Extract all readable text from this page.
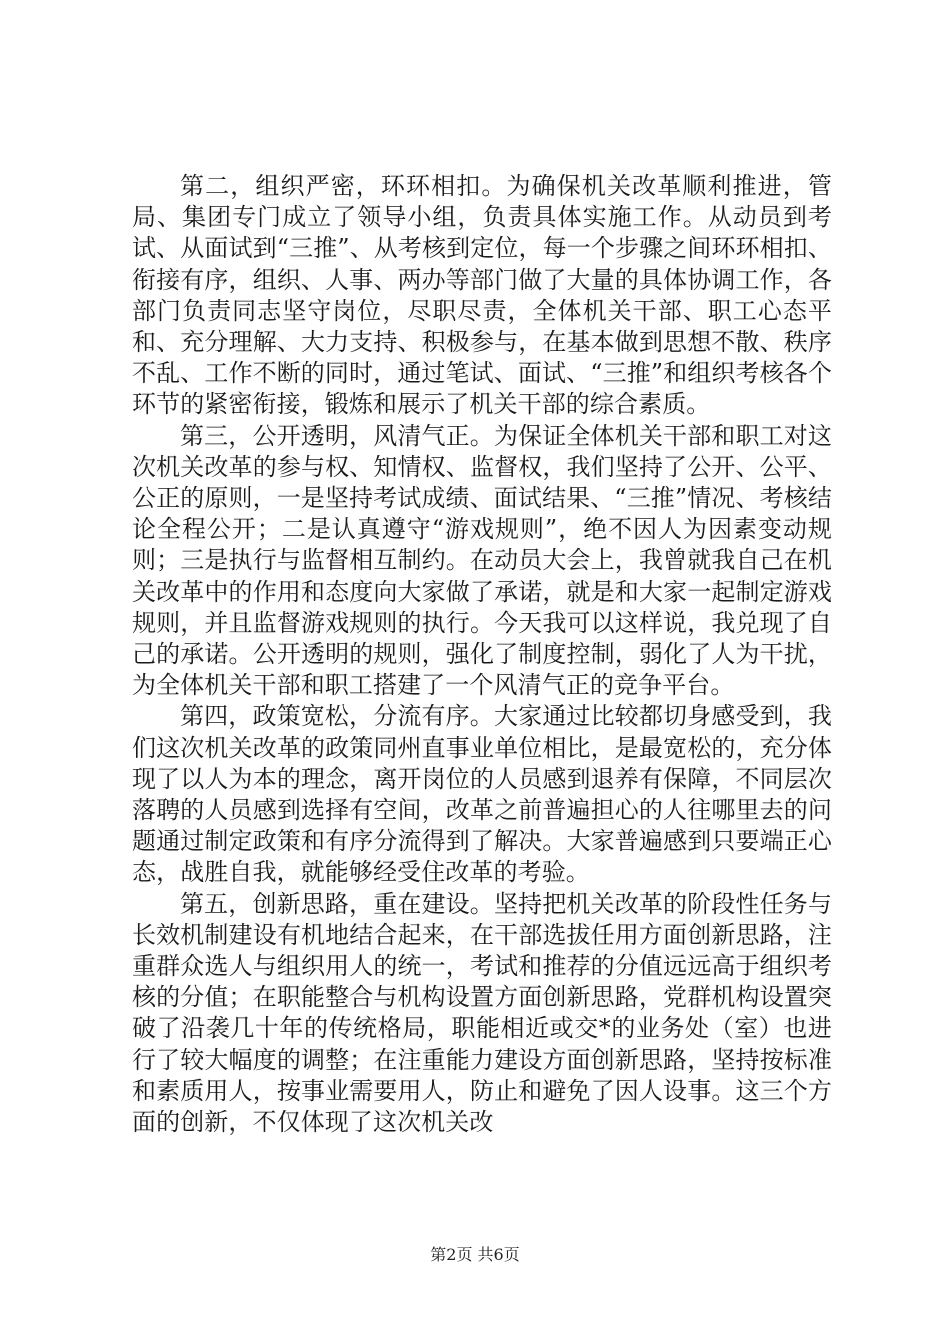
第二，组织严密，环环相扣。为确保机关改革顺利推进，管局、集团专门成立了领导小组，负责具体实施工作。从动员到考试、从面试到“三推”、从考核到定位，每一个步骤之间环环相扣、衔接有序，组织、人事、两办等部门做了大量的具体协调工作，各部门负责同志坚守岗位，尽职尽责，全体机关干部、职工心态平和、充分理解、大力支持、积极参与，在基本做到思想不散、秩序不乱、工作不断的同时，通过笔试、面试、“三推”和组织考核各个环节的紧密衔接，锻炼和展示了机关干部的综合素质。

第三，公开透明，风清气正。为保证全体机关干部和职工对这次机关改革的参与权、知情权、监督权，我们坚持了公开、公平、公正的原则，一是坚持考试成绩、面试结果、“三推”情况、考核结论全程公开；二是认真遵守“游戏规则”，绝不因人为因素变动规则；三是执行与监督相互制约。在动员大会上，我曾就我自己在机关改革中的作用和态度向大家做了承诺，就是和大家一起制定游戏规则，并且监督游戏规则的执行。今天我可以这样说，我兑现了自己的承诺。公开透明的规则，强化了制度控制，弱化了人为干扰，为全体机关干部和职工搭建了一个风清气正的竞争平台。

第四，政策宽松，分流有序。大家通过比较都切身感受到，我们这次机关改革的政策同州直事业单位相比，是最宽松的，充分体现了以人为本的理念，离开岗位的人员感到退养有保障，不同层次落聘的人员感到选择有空间，改革之前普遍担心的人往哪里去的问题通过制定政策和有序分流得到了解决。大家普遍感到只要端正心态，战胜自我，就能够经受住改革的考验。

第五，创新思路，重在建设。坚持把机关改革的阶段性任务与长效机制建设有机地结合起来，在干部选拔任用方面创新思路，注重群众选人与组织用人的统一，考试和推荐的分值远远高于组织考核的分值；在职能整合与机构设置方面创新思路，党群机构设置突破了沿袭几十年的传统格局，职能相近或交*的业务处（室）也进行了较大幅度的调整；在注重能力建设方面创新思路，坚持按标准和素质用人，按事业需要用人，防止和避免了因人设事。这三个方面的创新，不仅体现了这次机关改

第2页 共6页
